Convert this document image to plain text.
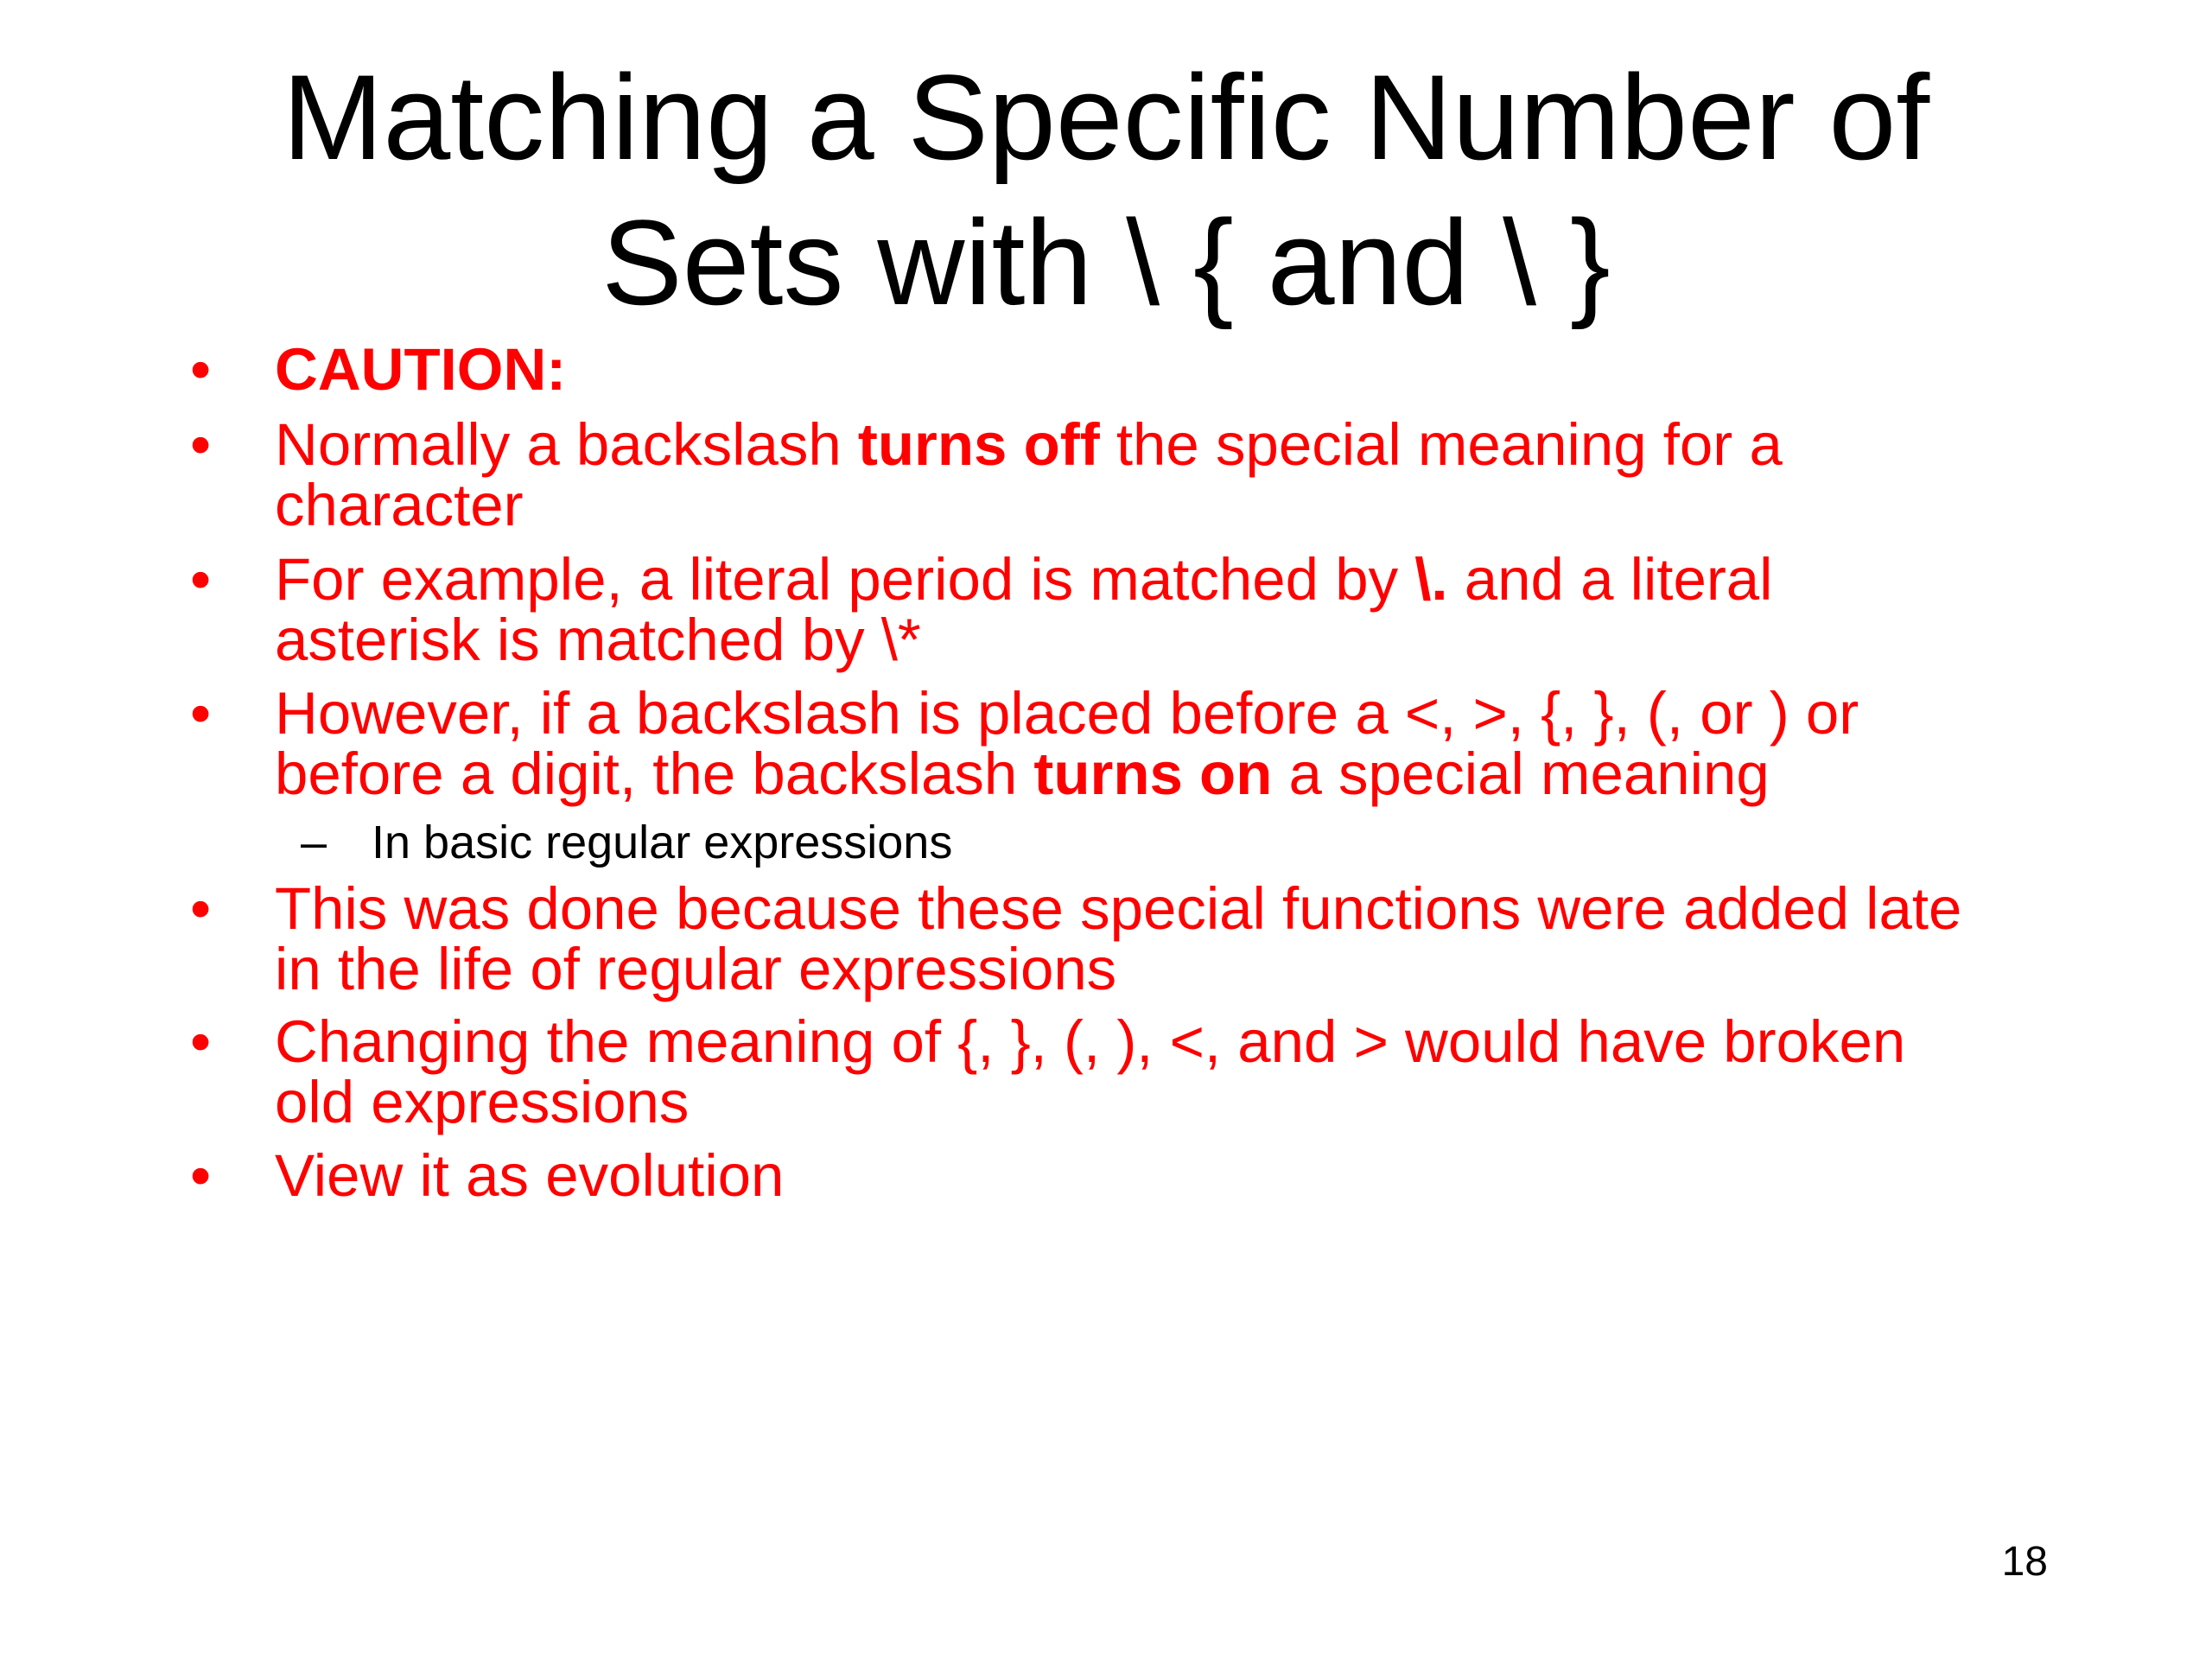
Matching a Specific Number of
Sets with \ { and \ }
• CAUTION:
• Normally a backslash turns off the special meaning for a
character
• For example, a literal period is matched by \. and a literal
asterisk is matched by \*
• However, if a backslash is placed before a <, >, {, }, (, or ) or
before a digit, the backslash turns on a special meaning
– In basic regular expressions
• This was done because these special functions were added late
in the life of regular expressions
• Changing the meaning of {, }, (, ), <, and > would have broken
old expressions
• View it as evolution
18
